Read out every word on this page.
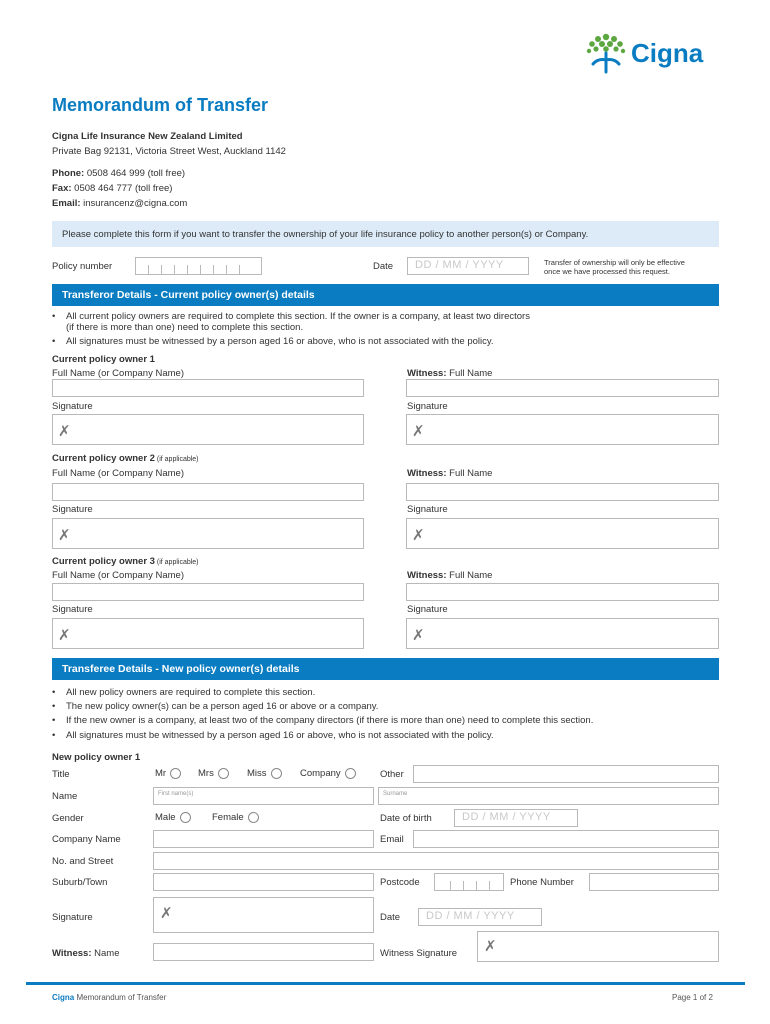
Cigna
Memorandum of Transfer
Cigna Life Insurance New Zealand Limited
Private Bag 92131, Victoria Street West, Auckland 1142
Phone: 0508 464 999 (toll free)
Fax: 0508 464 777 (toll free)
Email: insurancenz@cigna.com
Please complete this form if you want to transfer the ownership of your life insurance policy to another person(s) or Company.
Policy number	Date DD / MM / YYYY	Transfer of ownership will only be effective
once we have processed this request.
Transferor Details - Current policy owner(s) details
• All current policy owners are required to complete this section. If the owner is a company, at least two directors
(if there is more than one) need to complete this section.
• All signatures must be witnessed by a person aged 16 or above, who is not associated with the policy.
Current policy owner 1
Full Name (or Company Name)	Witness: Full Name
Signature	Signature
✗	✗
Current policy owner 2 (if applicable)
Full Name (or Company Name)	Witness: Full Name
Signature	Signature
✗	✗
Current policy owner 3 (if applicable)
Full Name (or Company Name)	Witness: Full Name
Signature	Signature
✗	✗
Transferee Details - New policy owner(s) details
• All new policy owners are required to complete this section.
• The new policy owner(s) can be a person aged 16 or above or a company.
• If the new owner is a company, at least two of the company directors (if there is more than one) need to complete this section.
• All signatures must be witnessed by a person aged 16 or above, who is not associated with the policy.
New policy owner 1
Title	Mr	Mrs	Miss	Company	Other
Name	First name(s)	Surname
Gender	Male	Female	Date of birth	DD / MM / YYYY
Company Name	Email
No. and Street
Suburb/Town	Postcode	Phone Number
Signature	✗	Date DD / MM / YYYY
Witness: Name	Witness Signature ✗
Cigna Memorandum of Transfer	Page 1 of 2
